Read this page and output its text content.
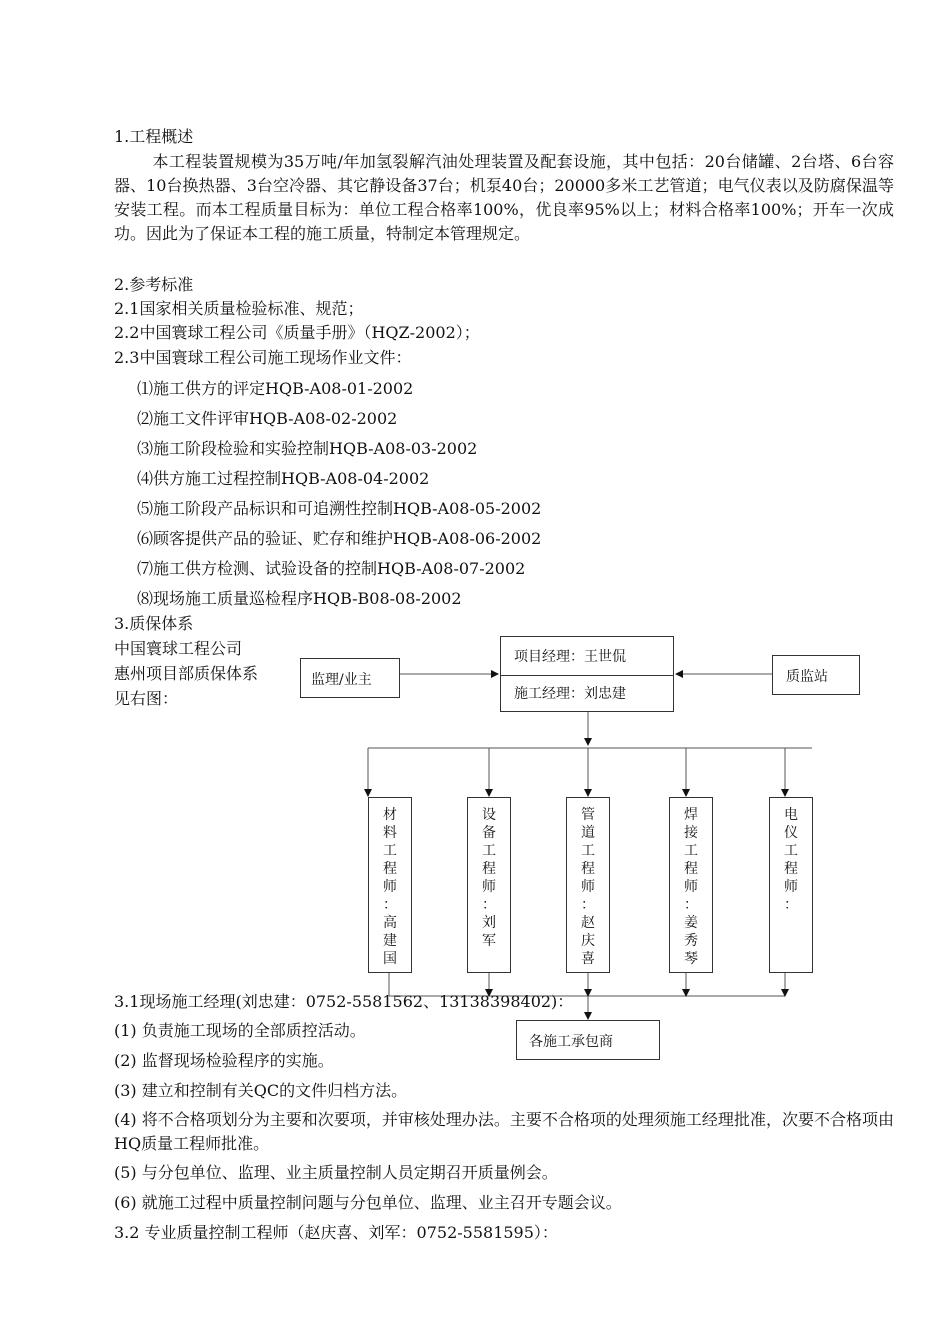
1.工程概述
本工程装置规模为35万吨/年加氢裂解汽油处理装置及配套设施，其中包括：20台储罐、2台塔、6台容器、10台换热器、3台空冷器、其它静设备37台；机泵40台；20000多米工艺管道；电气仪表以及防腐保温等安装工程。而本工程质量目标为：单位工程合格率100%，优良率95%以上；材料合格率100%；开车一次成功。因此为了保证本工程的施工质量，特制定本管理规定。
2.参考标准
2.1国家相关质量检验标准、规范；
2.2中国寰球工程公司《质量手册》（HQZ-2002）；
2.3中国寰球工程公司施工现场作业文件：
⑴施工供方的评定HQB-A08-01-2002
⑵施工文件评审HQB-A08-02-2002
⑶施工阶段检验和实验控制HQB-A08-03-2002
⑷供方施工过程控制HQB-A08-04-2002
⑸施工阶段产品标识和可追溯性控制HQB-A08-05-2002
⑹顾客提供产品的验证、贮存和维护HQB-A08-06-2002
⑺施工供方检测、试验设备的控制HQB-A08-07-2002
⑻现场施工质量巡检程序HQB-B08-08-2002
3.质保体系
中国寰球工程公司
惠州项目部质保体系
见右图：
监理/业主
项目经理：王世侃
施工经理：刘忠建
质监站
材
料
工
程
师
：
高
建
国
设
备
工
程
师
：
刘
军
管
道
工
程
师
：
赵
庆
喜
焊
接
工
程
师
：
姜
秀
琴
电
仪
工
程
师
：
各施工承包商
3.1现场施工经理(刘忠建：0752-5581562、13138398402)：
(1) 负责施工现场的全部质控活动。
(2) 监督现场检验程序的实施。
(3) 建立和控制有关QC的文件归档方法。
(4) 将不合格项划分为主要和次要项，并审核处理办法。主要不合格项的处理须施工经理批准，次要不合格项由HQ质量工程师批准。
(5) 与分包单位、监理、业主质量控制人员定期召开质量例会。
(6) 就施工过程中质量控制问题与分包单位、监理、业主召开专题会议。
3.2 专业质量控制工程师（赵庆喜、刘军：0752-5581595）：
